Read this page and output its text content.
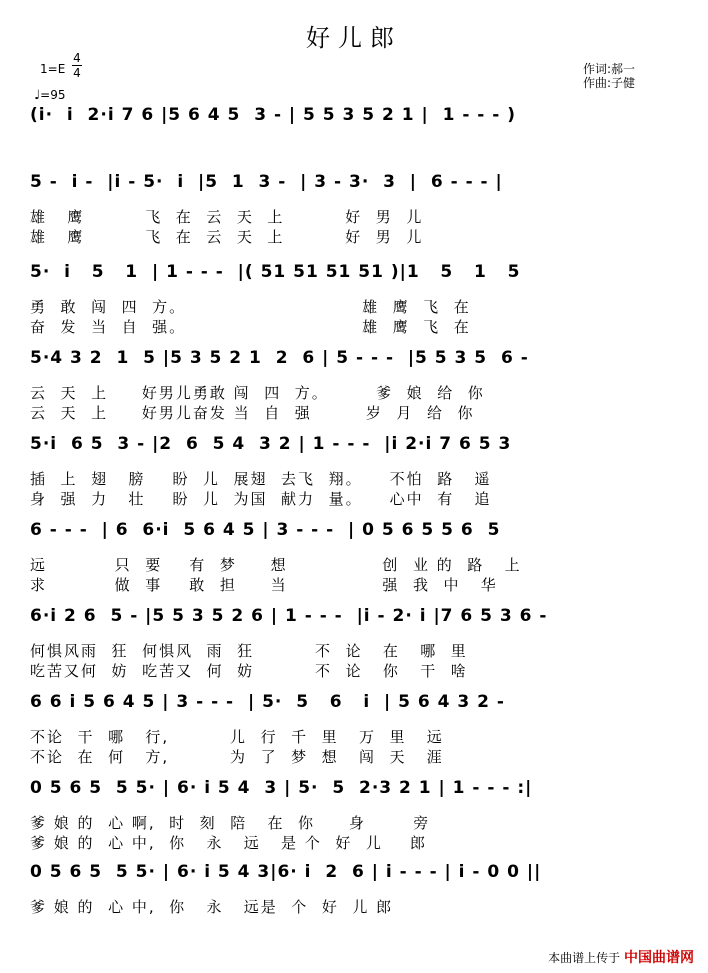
好儿郎
1=E
4
4
♩=95
作词:郝一
作曲:子健
(i·  i  2·i 7 6 |5 6 4 5  3 - | 5 5 3 5 2 1 |  1 - - - )
5 -  i -  |i - 5·  i  |5  1  3 -  | 3 - 3·  3  |  6 - - - |
雄   鹰         飞  在  云  天  上         好  男  儿
雄   鹰         飞  在  云  天  上         好  男  儿
5·  i   5   1  | 1 - - -  |( 51 51 51 51 )|1   5   1   5
勇  敢  闯  四  方。                          雄  鹰  飞  在
奋  发  当  自  强。                          雄  鹰  飞  在
5·4 3 2  1  5 |5 3 5 2 1  2  6 | 5 - - -  |5 5 3 5  6 -
云  天  上     好男儿勇敢 闯  四  方。       爹  娘  给  你
云  天  上     好男儿奋发 当  自  强        岁  月  给  你
5·i  6 5  3 - |2  6  5 4  3 2 | 1 - - -  |i 2·i 7 6 5 3
插  上  翅   膀    盼  儿  展翅  去飞  翔。    不怕  路   遥
身  强  力   壮    盼  儿  为国  献力  量。    心中  有   追
6 - - -  | 6  6·i  5 6 4 5 | 3 - - -  | 0 5 6 5 5 6  5
远          只  要    有  梦     想              创  业 的  路   上
求          做  事    敢  担     当              强  我  中   华
6·i 2 6  5 - |5 5 3 5 2 6 | 1 - - -  |i - 2· i |7 6 5 3 6 -
何惧风雨  狂  何惧风  雨  狂         不  论   在   哪  里
吃苦又何  妨  吃苦又  何  妨         不  论   你   干  啥
6 6 i 5 6 4 5 | 3 - - -  | 5·  5   6   i  | 5 6 4 3 2 -
不论  干  哪   行,         儿  行  千  里   万  里   远
不论  在  何   方,         为  了  梦  想   闯  天   涯
0 5 6 5  5 5· | 6· i 5 4  3 | 5·  5  2·3 2 1 | 1 - - - :|
爹 娘 的  心 啊,  时  刻  陪   在  你     身       旁
爹 娘 的  心 中,  你   永   远   是 个  好  儿    郎
0 5 6 5  5 5· | 6· i 5 4 3|6· i  2  6 | i - - - | i - 0 0 ||
爹 娘 的  心 中,  你   永   远是  个  好  儿 郎
本曲谱上传于 中国曲谱网
